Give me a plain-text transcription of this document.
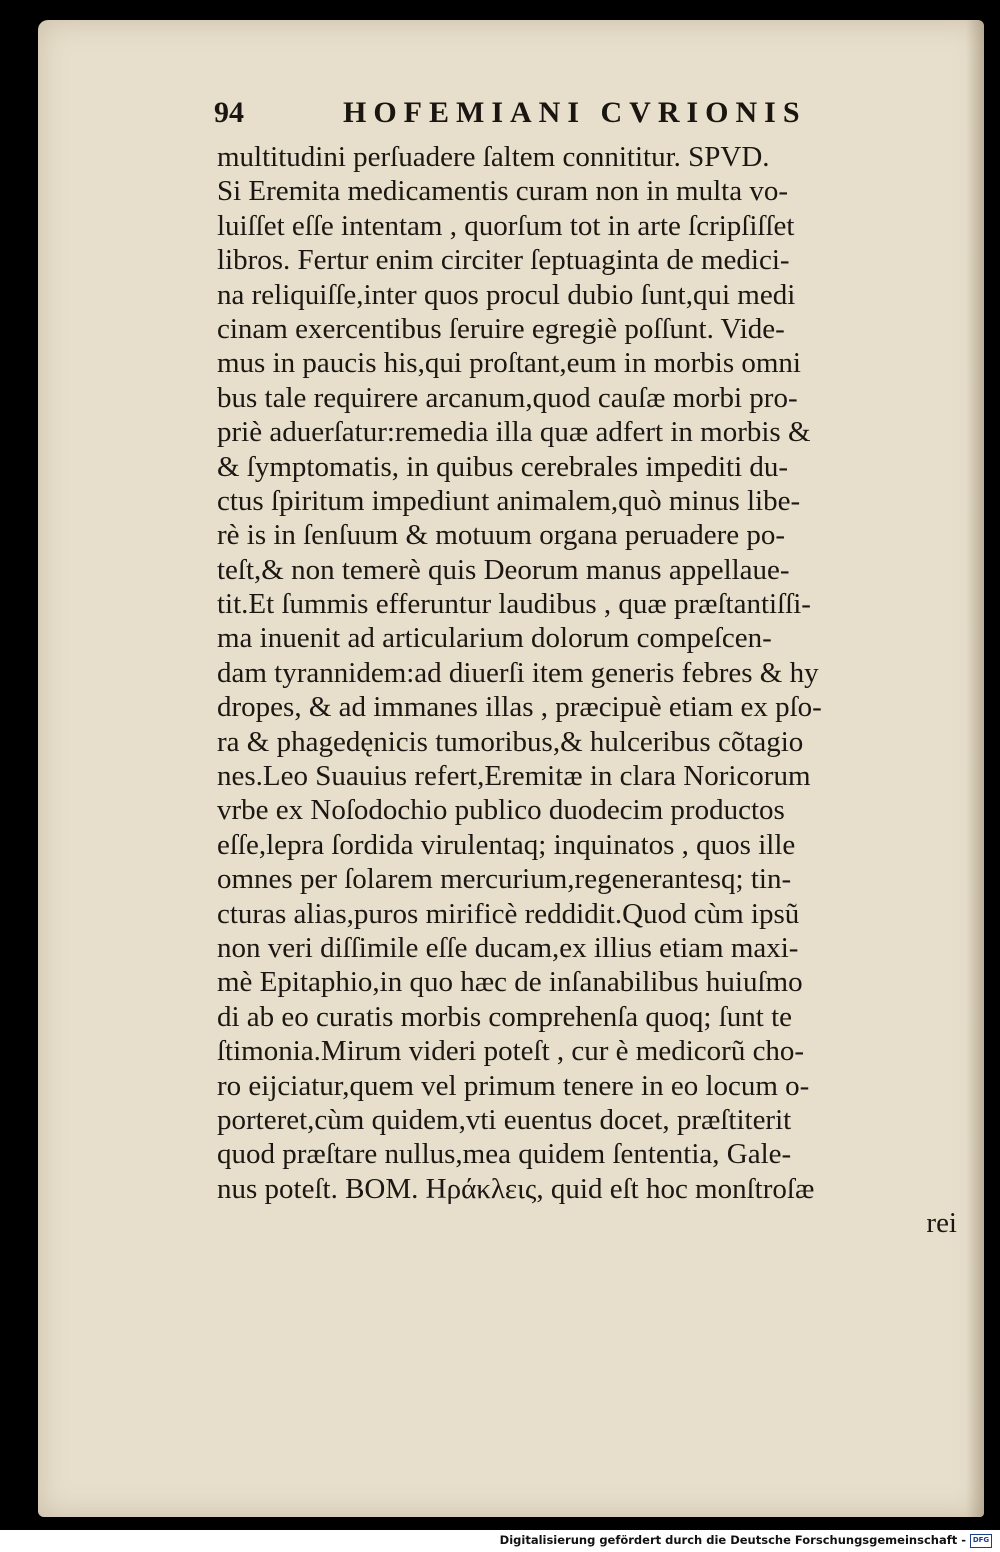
94	HOFEMIANI CVRIONIS
multitudini perſuadere ſaltem connititur. SPVD.
Si Eremita medicamentis curam non in multa vo-
luiſſet eſſe intentam , quorſum tot in arte ſcripſiſſet
libros. Fertur enim circiter ſeptuaginta de medici-
na reliquiſſe,inter quos procul dubio ſunt,qui medi
cinam exercentibus ſeruire egregiè poſſunt. Vide-
mus in paucis his,qui proſtant,eum in morbis omni
bus tale requirere arcanum,quod cauſæ morbi pro-
priè aduerſatur:remedia illa quæ adfert in morbis &
& ſymptomatis, in quibus cerebrales impediti du-
ctus ſpiritum impediunt animalem,quò minus libe-
rè is in ſenſuum & motuum organa peruadere po-
teſt,& non temerè quis Deorum manus appellaue-
tit.Et ſummis efferuntur laudibus , quæ præſtantiſſi-
ma inuenit ad articularium dolorum compeſcen-
dam tyrannidem:ad diuerſi item generis febres & hy
dropes, & ad immanes illas , præcipuè etiam ex pſo-
ra & phagedęnicis tumoribus,& hulceribus cõtagio
nes.Leo Suauius refert,Eremitæ in clara Noricorum
vrbe ex Noſodochio publico duodecim productos
eſſe,lepra ſordida virulentaq; inquinatos , quos ille
omnes per ſolarem mercurium,regenerantesq; tin-
cturas alias,puros mirificè reddidit.Quod cùm ipsũ
non veri diſſimile eſſe ducam,ex illius etiam maxi-
mè Epitaphio,in quo hæc de inſanabilibus huiuſmo
di ab eo curatis morbis comprehenſa quoq; ſunt te
ſtimonia.Mirum videri poteſt , cur è medicorũ cho-
ro eijciatur,quem vel primum tenere in eo locum o-
porteret,cùm quidem,vti euentus docet, præſtiterit
quod præſtare nullus,mea quidem ſententia, Gale-
nus poteſt. BOM. Ηράκλεις, quid eſt hoc monſtroſæ
rei
Digitalisierung gefördert durch die Deutsche Forschungsgemeinschaft - DFG
